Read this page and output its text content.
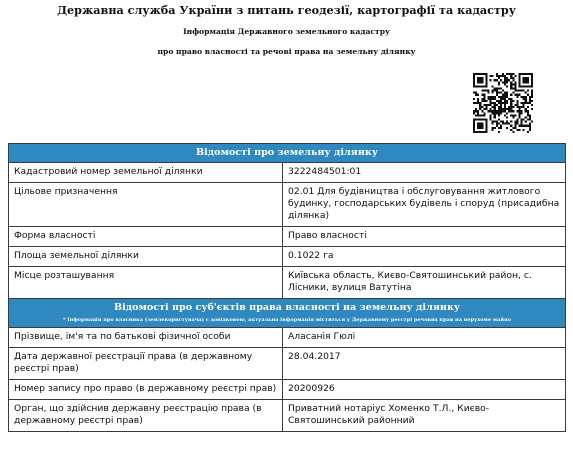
Державна служба України з питань геодезії, картографії та кадастру
Інформація Державного земельного кадастру
про право власності та речові права на земельну ділянку
Відомості про земельну ділянку	
Кадастровий номер земельної ділянки	3222484501:01
Цільове призначення	02.01 Для будівництва і обслуговування житлового будинку, господарських будівель і споруд (присадибна ділянка)
Форма власності	Право власності
Площа земельної ділянки	0.1022 га
Місце розташування	Київська область, Києво-Святошинський район, с. Лісники, вулиця Ватутіна
Відомості про суб'єктів права власності на земельну ділянку
* Інформація про власника (землекористувача) є довідковою, актуальна інформація міститься у Державному реєстрі речових прав на нерухоме майно	

Прізвище, ім'я та по батькові фізичної особи	Аласанія Гюлі
Дата державної реєстрації права (в державному реєстрі прав)	28.04.2017
Номер запису про право (в державному реєстрі прав)	20200926
Орган, що здійснив державну реєстрацію права (в державному реєстрі прав)	Приватний нотаріус Хоменко Т.Л., Києво-Святошинський районний
